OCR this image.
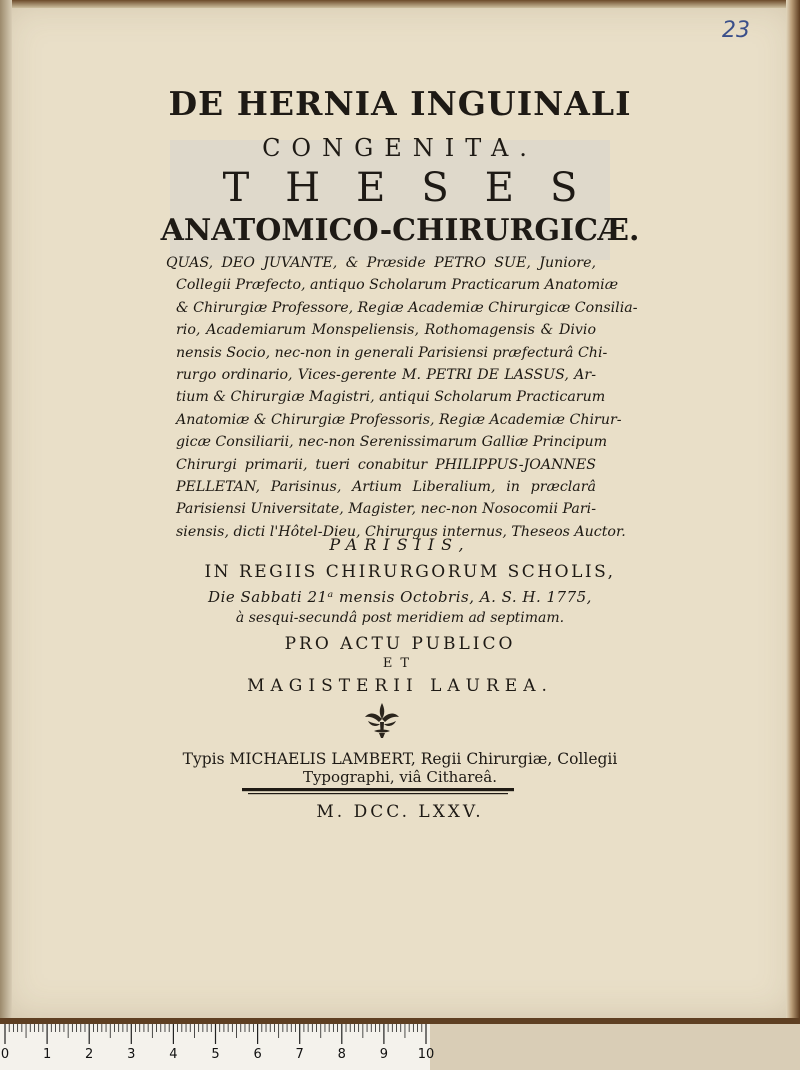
23
DE HERNIA INGUINALI
CONGENITA.
THESES
ANATOMICO-CHIRURGICÆ.
QUAS, DEO JUVANTE, & Præside PETRO SUE, Juniore,
Collegii Præfecto, antiquo Scholarum Practicarum Anatomiæ
& Chirurgiæ Professore, Regiæ Academiæ Chirurgicæ Consilia-
rio, Academiarum Monspeliensis, Rothomagensis & Divio
nensis Socio, nec-non in generali Parisiensi præfecturâ Chi-
rurgo ordinario, Vices-gerente M. PETRI DE LASSUS, Ar-
tium & Chirurgiæ Magistri, antiqui Scholarum Practicarum
Anatomiæ & Chirurgiæ Professoris, Regiæ Academiæ Chirur-
gicæ Consiliarii, nec-non Serenissimarum Galliæ Principum
Chirurgi primarii, tueri conabitur PHILIPPUS-JOANNES
PELLETAN, Parisinus, Artium Liberalium, in præclarâ
Parisiensi Universitate, Magister, nec-non Nosocomii Pari-
siensis, dicti l'Hôtel-Dieu, Chirurgus internus, Theseos Auctor.
PARISIIS,
IN REGIIS CHIRURGORUM SCHOLIS,
Die Sabbati 21ᵃ mensis Octobris, A. S. H. 1775,
à sesqui-secundâ post meridiem ad septimam.
PRO ACTU PUBLICO
ET
MAGISTERII LAUREA.
Typis MICHAELIS LAMBERT, Regii Chirurgiæ, Collegii
Typographi, viâ Cithareâ.
M. DCC. LXXV.
0	1	2	3	4	5	6	7	8	9 10
